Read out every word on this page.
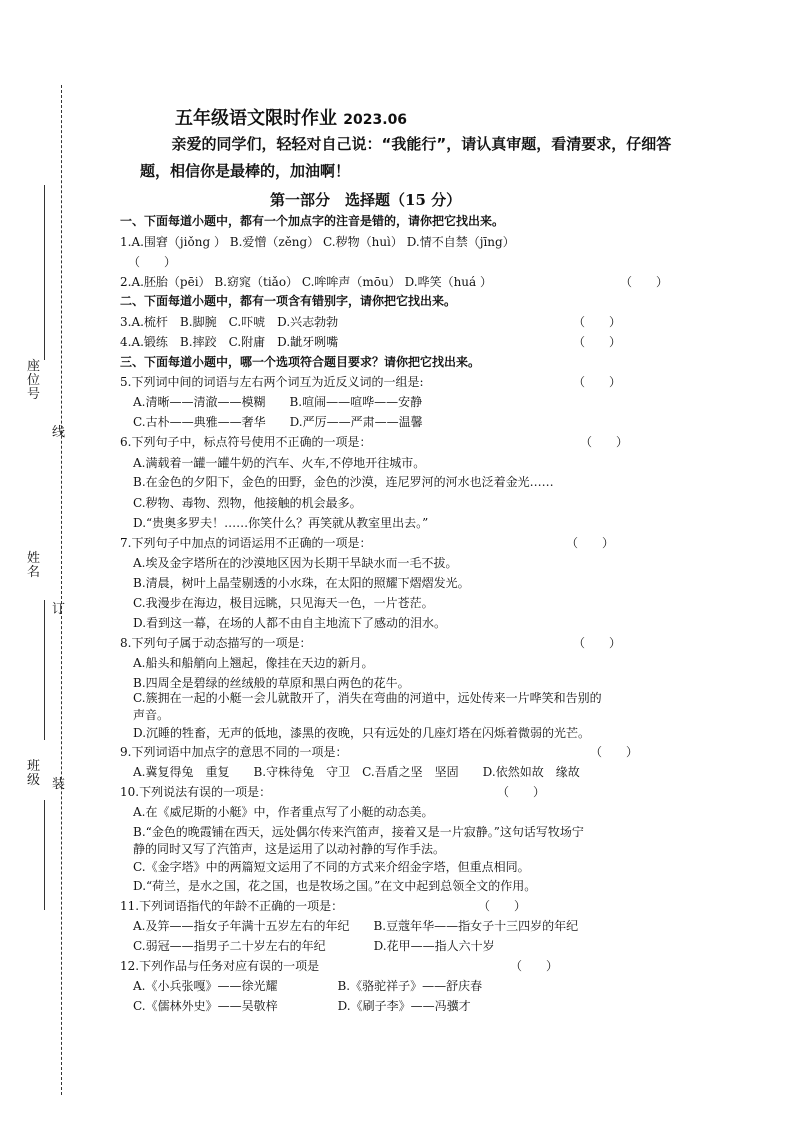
座位号
姓名
班级
线
订
装
五年级语文限时作业 2023.06
亲爱的同学们，轻轻对自己说：“我能行”，请认真审题，看清要求，仔细答题，相信你是最棒的，加油啊！
第一部分　选择题（15 分）
一、下面每道小题中，都有一个加点字的注音是错的，请你把它找出来。
1.A.围窘（jiǒng ） B.爱憎（zěng） C.秽物（huì） D.情不自禁（jīng）
（　　）
2.A.胚胎（pēi） B.窈窕（tiǎo） C.哞哞声（mōu） D.哗笑（huá ）	（　　）
二、下面每道小题中，都有一项含有错别字，请你把它找出来。
3.A.梳杆　B.脚腕　C.吓唬　D.兴志勃勃	（　　）
4.A.锻练　B.摔跤　C.附庸　D.龇牙咧嘴	（　　）
三、下面每道小题中，哪一个选项符合题目要求？请你把它找出来。
5.下列词中间的词语与左右两个词互为近反义词的一组是:	（　　）
A.清晰——清澈——模糊　　B.喧闹——喧哗——安静
C.古朴——典雅——奢华　　D.严厉——严肃——温馨
6.下列句子中，标点符号使用不正确的一项是：	（　　）
A.满载着一罐一罐牛奶的汽车、火车,不停地开往城市。
B.在金色的夕阳下，金色的田野，金色的沙漠，连尼罗河的河水也泛着金光……
C.秽物、毒物、烈物，他接触的机会最多。
D.“贵奥多罗夫！……你笑什么？再笑就从教室里出去。”
7.下列句子中加点的词语运用不正确的一项是：	（　　）
A.埃及金字塔所在的沙漠地区因为长期干旱缺水而一毛不拔。
B.清晨，树叶上晶莹剔透的小水珠，在太阳的照耀下熠熠发光。
C.我漫步在海边，极目远眺，只见海天一色，一片苍茫。
D.看到这一幕，在场的人都不由自主地流下了感动的泪水。
8.下列句子属于动态描写的一项是：	（　　）
A.船头和船艄向上翘起，像挂在天边的新月。
B.四周全是碧绿的丝绒般的草原和黑白两色的花牛。
C.簇拥在一起的小艇一会儿就散开了，消失在弯曲的河道中，远处传来一片哗笑和告别的
声音。
D.沉睡的牲畜，无声的低地，漆黑的夜晚，只有远处的几座灯塔在闪烁着微弱的光芒。
9.下列词语中加点字的意思不同的一项是：	（　　）
A.冀复得兔　重复　　B.守株待兔　守卫　C.吾盾之坚　坚固　　D.依然如故　缘故
10.下列说法有误的一项是：	（　　）
A.在《威尼斯的小艇》中，作者重点写了小艇的动态美。
B.“金色的晚霞铺在西天，远处偶尔传来汽笛声，接着又是一片寂静。”这句话写牧场宁
静的同时又写了汽笛声，这是运用了以动衬静的写作手法。
C.《金字塔》中的两篇短文运用了不同的方式来介绍金字塔，但重点相同。
D.“荷兰，是水之国，花之国，也是牧场之国。”在文中起到总领全文的作用。
11.下列词语指代的年龄不正确的一项是：	（　　）
A.及笄——指女子年满十五岁左右的年纪　　B.豆蔻年华——指女子十三四岁的年纪
C.弱冠——指男子二十岁左右的年纪　　　　D.花甲——指人六十岁
12.下列作品与任务对应有误的一项是	（　　）
A.《小兵张嘎》——徐光耀　　　　　B.《骆驼祥子》——舒庆春
C.《儒林外史》——吴敬梓　　　　　D.《刷子李》——冯骥才
